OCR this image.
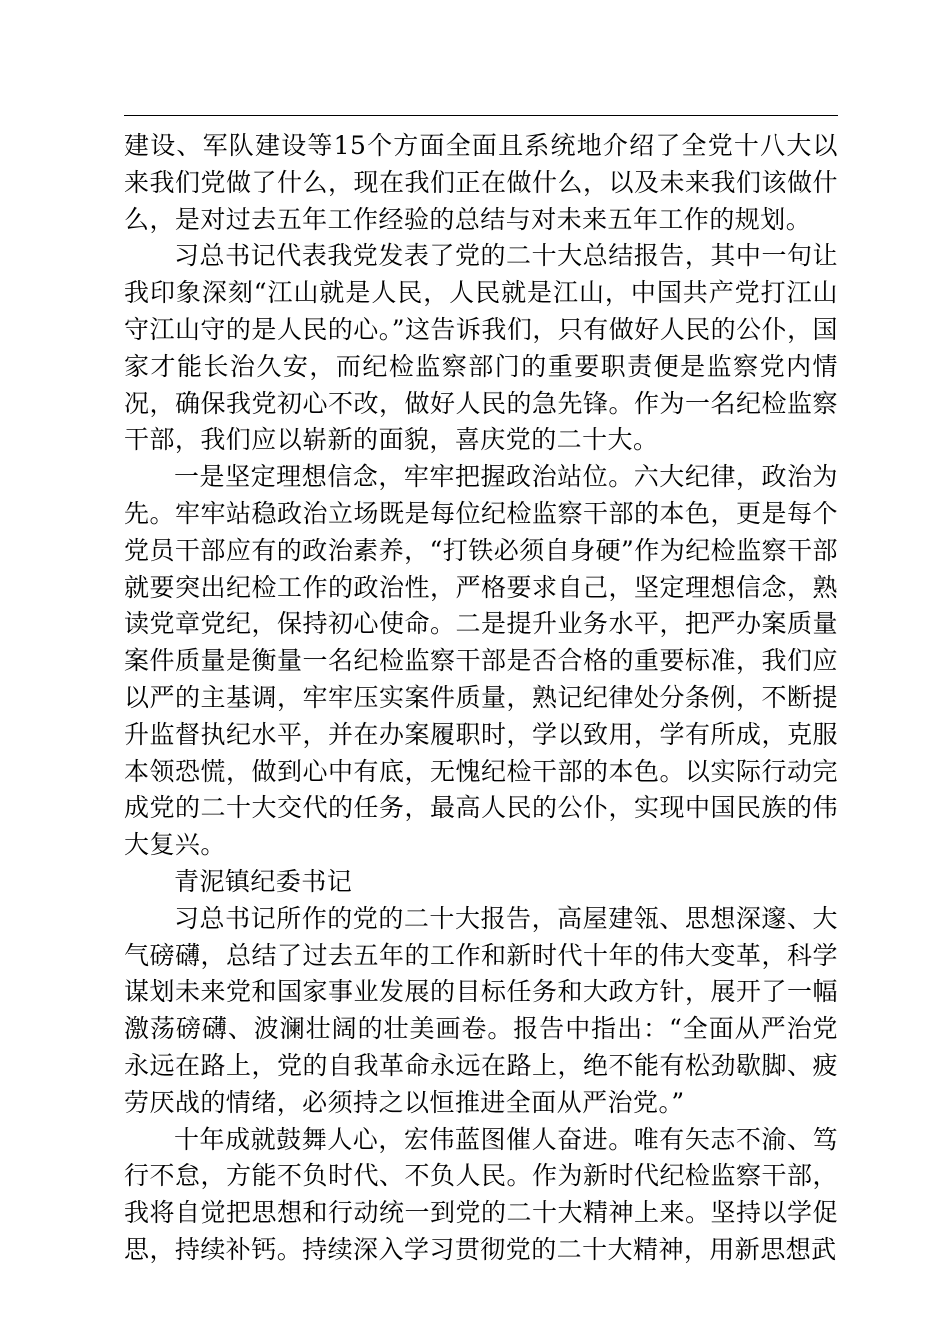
建设、军队建设等15个方面全面且系统地介绍了全党十八大以来我们党做了什么，现在我们正在做什么，以及未来我们该做什么，是对过去五年工作经验的总结与对未来五年工作的规划。

习总书记代表我党发表了党的二十大总结报告，其中一句让我印象深刻“江山就是人民，人民就是江山，中国共产党打江山守江山守的是人民的心。”这告诉我们，只有做好人民的公仆，国家才能长治久安，而纪检监察部门的重要职责便是监察党内情况，确保我党初心不改，做好人民的急先锋。作为一名纪检监察干部，我们应以崭新的面貌，喜庆党的二十大。

一是坚定理想信念，牢牢把握政治站位。六大纪律，政治为先。牢牢站稳政治立场既是每位纪检监察干部的本色，更是每个党员干部应有的政治素养，“打铁必须自身硬”作为纪检监察干部就要突出纪检工作的政治性，严格要求自己，坚定理想信念，熟读党章党纪，保持初心使命。二是提升业务水平，把严办案质量案件质量是衡量一名纪检监察干部是否合格的重要标准，我们应以严的主基调，牢牢压实案件质量，熟记纪律处分条例，不断提升监督执纪水平，并在办案履职时，学以致用，学有所成，克服本领恐慌，做到心中有底，无愧纪检干部的本色。以实际行动完成党的二十大交代的任务，最高人民的公仆，实现中国民族的伟大复兴。

青泥镇纪委书记

习总书记所作的党的二十大报告，高屋建瓴、思想深邃、大气磅礴，总结了过去五年的工作和新时代十年的伟大变革，科学谋划未来党和国家事业发展的目标任务和大政方针，展开了一幅激荡磅礴、波澜壮阔的壮美画卷。报告中指出：“全面从严治党永远在路上，党的自我革命永远在路上，绝不能有松劲歇脚、疲劳厌战的情绪，必须持之以恒推进全面从严治党。”

十年成就鼓舞人心，宏伟蓝图催人奋进。唯有矢志不渝、笃行不怠，方能不负时代、不负人民。作为新时代纪检监察干部，我将自觉把思想和行动统一到党的二十大精神上来。坚持以学促思，持续补钙。持续深入学习贯彻党的二十大精神，用新思想武
